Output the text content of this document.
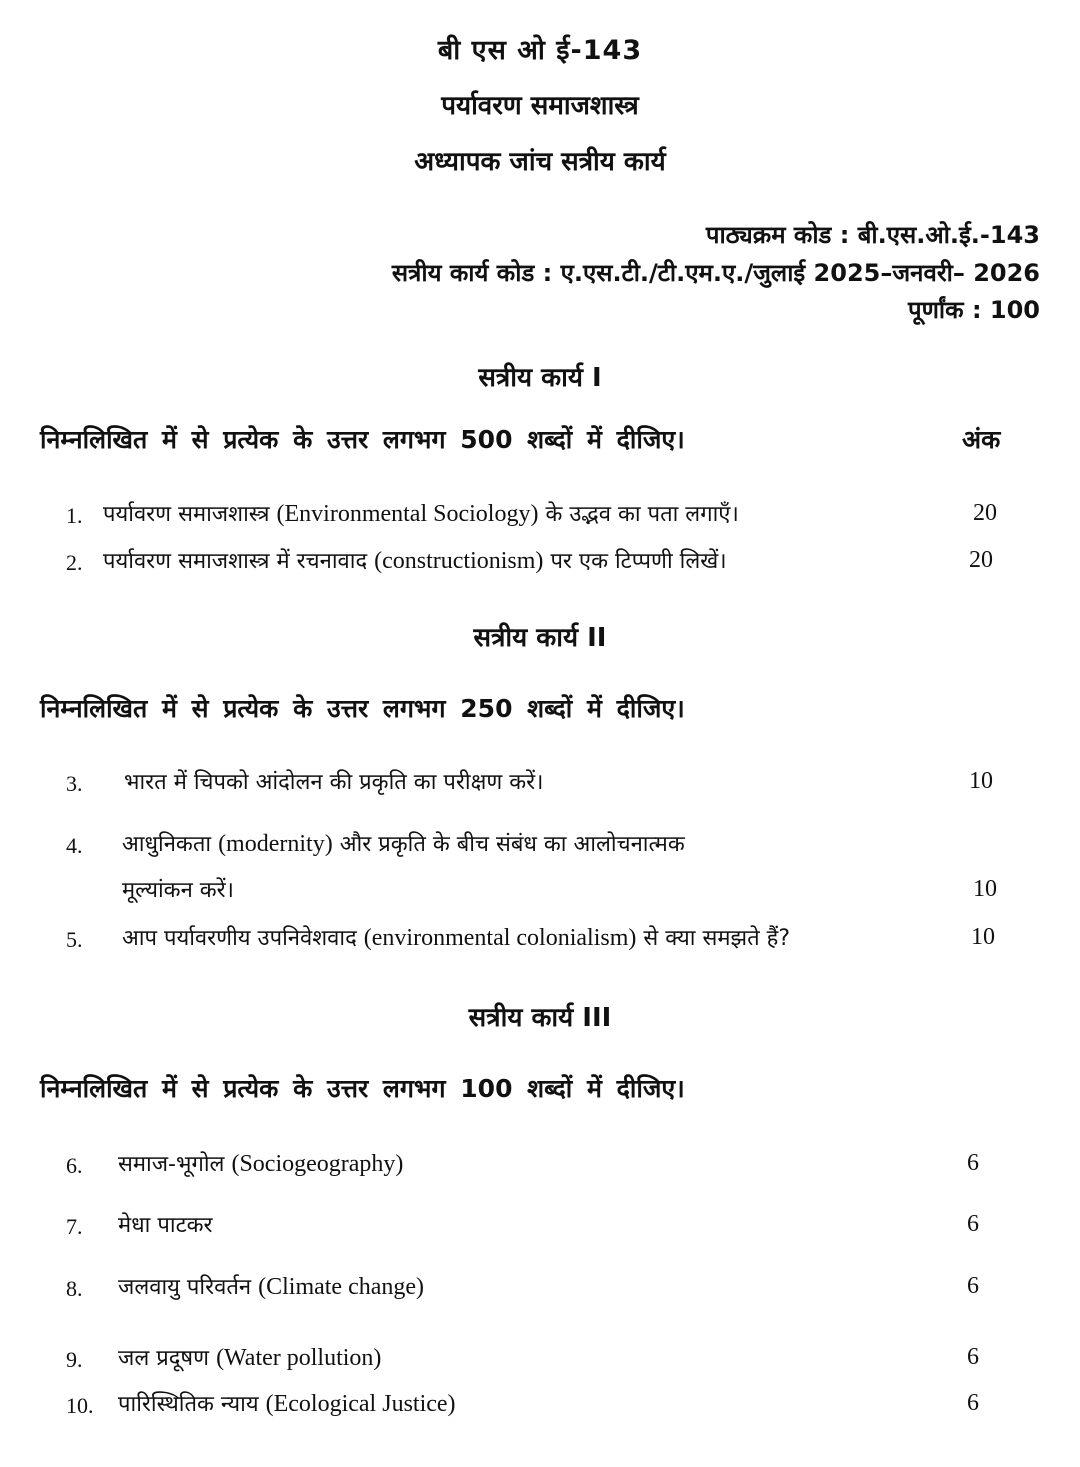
बी एस ओ ई-143
पर्यावरण समाजशास्त्र
अध्यापक जांच सत्रीय कार्य
पाठ्यक्रम कोड : बी.एस.ओ.ई.-143
सत्रीय कार्य कोड : ए.एस.टी./टी.एम.ए./जुलाई 2025–जनवरी– 2026
पूर्णांक : 100
सत्रीय कार्य I
निम्नलिखित में से प्रत्येक के उत्तर लगभग 500 शब्दों में दीजिए।	अंक
1. पर्यावरण समाजशास्त्र (Environmental Sociology) के उद्भव का पता लगाएँ।	20
2. पर्यावरण समाजशास्त्र में रचनावाद (constructionism) पर एक टिप्पणी लिखें।	20
सत्रीय कार्य II
निम्नलिखित में से प्रत्येक के उत्तर लगभग 250 शब्दों में दीजिए।
3. भारत में चिपको आंदोलन की प्रकृति का परीक्षण करें।	10
4. आधुनिकता (modernity) और प्रकृति के बीच संबंध का आलोचनात्मक
मूल्यांकन करें।	10
5. आप पर्यावरणीय उपनिवेशवाद (environmental colonialism) से क्या समझते हैं?	10
सत्रीय कार्य III
निम्नलिखित में से प्रत्येक के उत्तर लगभग 100 शब्दों में दीजिए।
6. समाज-भूगोल (Sociogeography)	6
7. मेधा पाटकर	6
8. जलवायु परिवर्तन (Climate change)	6
9. जल प्रदूषण (Water pollution)	6
10. पारिस्थितिक न्याय (Ecological Justice)	6
